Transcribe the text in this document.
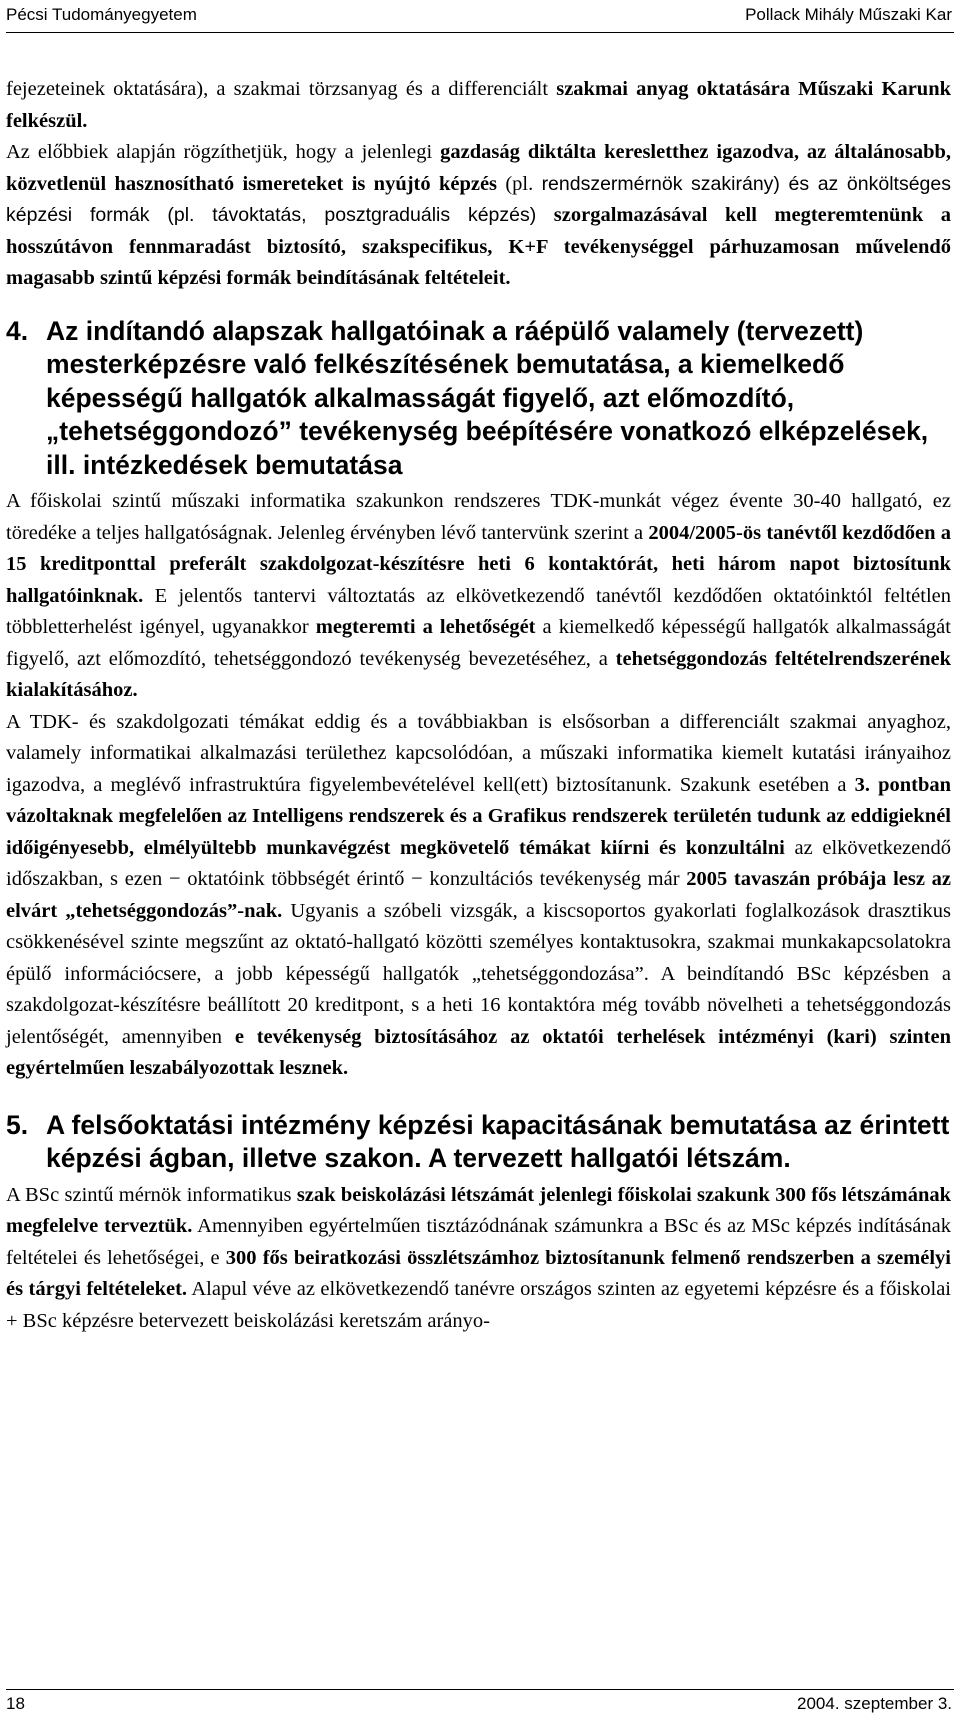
Pécsi Tudományegyetem	Pollack Mihály Műszaki Kar

fejezeteinek oktatására), a szakmai törzsanyag és a differenciált szakmai anyag oktatására Műszaki Karunk felkészül.

Az előbbiek alapján rögzíthetjük, hogy a jelenlegi gazdaság diktálta keresletthez igazodva, az általánosabb, közvetlenül hasznosítható ismereteket is nyújtó képzés (pl. rendszermérnök szakirány) és az önköltséges képzési formák (pl. távoktatás, posztgraduális képzés) szorgalmazásával kell megteremtenünk a hosszútávon fennmaradást biztosító, szakspecifikus, K+F tevékenységgel párhuzamosan művelendő magasabb szintű képzési formák beindításának feltételeit.

4. Az indítandó alapszak hallgatóinak a ráépülő valamely (tervezett) mesterképzésre való felkészítésének bemutatása, a kiemelkedő képességű hallgatók alkalmasságát figyelő, azt előmozdító, „tehetséggondozó” tevékenység beépítésére vonatkozó elképzelések, ill. intézkedések bemutatása

A főiskolai szintű műszaki informatika szakunkon rendszeres TDK-munkát végez évente 30-40 hallgató, ez töredéke a teljes hallgatóságnak. Jelenleg érvényben lévő tantervünk szerint a 2004/2005-ös tanévtől kezdődően a 15 kreditponttal preferált szakdolgozat-készítésre heti 6 kontaktórát, heti három napot biztosítunk hallgatóinknak. E jelentős tantervi változtatás az elkövetkezendő tanévtől kezdődően oktatóinktól feltétlen többletterhelést igényel, ugyanakkor megteremti a lehetőségét a kiemelkedő képességű hallgatók alkalmasságát figyelő, azt előmozdító, tehetséggondozó tevékenység bevezetéséhez, a tehetséggondozás feltételrendszerének kialakításához.

A TDK- és szakdolgozati témákat eddig és a továbbiakban is elsősorban a differenciált szakmai anyaghoz, valamely informatikai alkalmazási területhez kapcsolódóan, a műszaki informatika kiemelt kutatási irányaihoz igazodva, a meglévő infrastruktúra figyelembevételével kell(ett) biztosítanunk. Szakunk esetében a 3. pontban vázoltaknak megfelelően az Intelligens rendszerek és a Grafikus rendszerek területén tudunk az eddigieknél időigényesebb, elmélyültebb munkavégzést megkövetelő témákat kiírni és konzultálni az elkövetkezendő időszakban, s ezen − oktatóink többségét érintő − konzultációs tevékenység már 2005 tavaszán próbája lesz az elvárt „tehetséggondozás”-nak. Ugyanis a szóbeli vizsgák, a kiscsoportos gyakorlati foglalkozások drasztikus csökkenésével szinte megszűnt az oktató-hallgató közötti személyes kontaktusokra, szakmai munkakapcsolatokra épülő információcsere, a jobb képességű hallgatók „tehetséggondozása”. A beindítandó BSc képzésben a szakdolgozat-készítésre beállított 20 kreditpont, s a heti 16 kontaktóra még tovább növelheti a tehetséggondozás jelentőségét, amennyiben e tevékenység biztosításához az oktatói terhelések intézményi (kari) szinten egyértelműen leszabályozottak lesznek.

5. A felsőoktatási intézmény képzési kapacitásának bemutatása az érintett képzési ágban, illetve szakon. A tervezett hallgatói létszám.

A BSc szintű mérnök informatikus szak beiskolázási létszámát jelenlegi főiskolai szakunk 300 fős létszámának megfelelve terveztük. Amennyiben egyértelműen tisztázódnának számunkra a BSc és az MSc képzés indításának feltételei és lehetőségei, e 300 fős beiratkozási összlétszámhoz biztosítanunk felmenő rendszerben a személyi és tárgyi feltételeket. Alapul véve az elkövetkezendő tanévre országos szinten az egyetemi képzésre és a főiskolai + BSc képzésre betervezett beiskolázási keretszám arányo-

18	2004. szeptember 3.
